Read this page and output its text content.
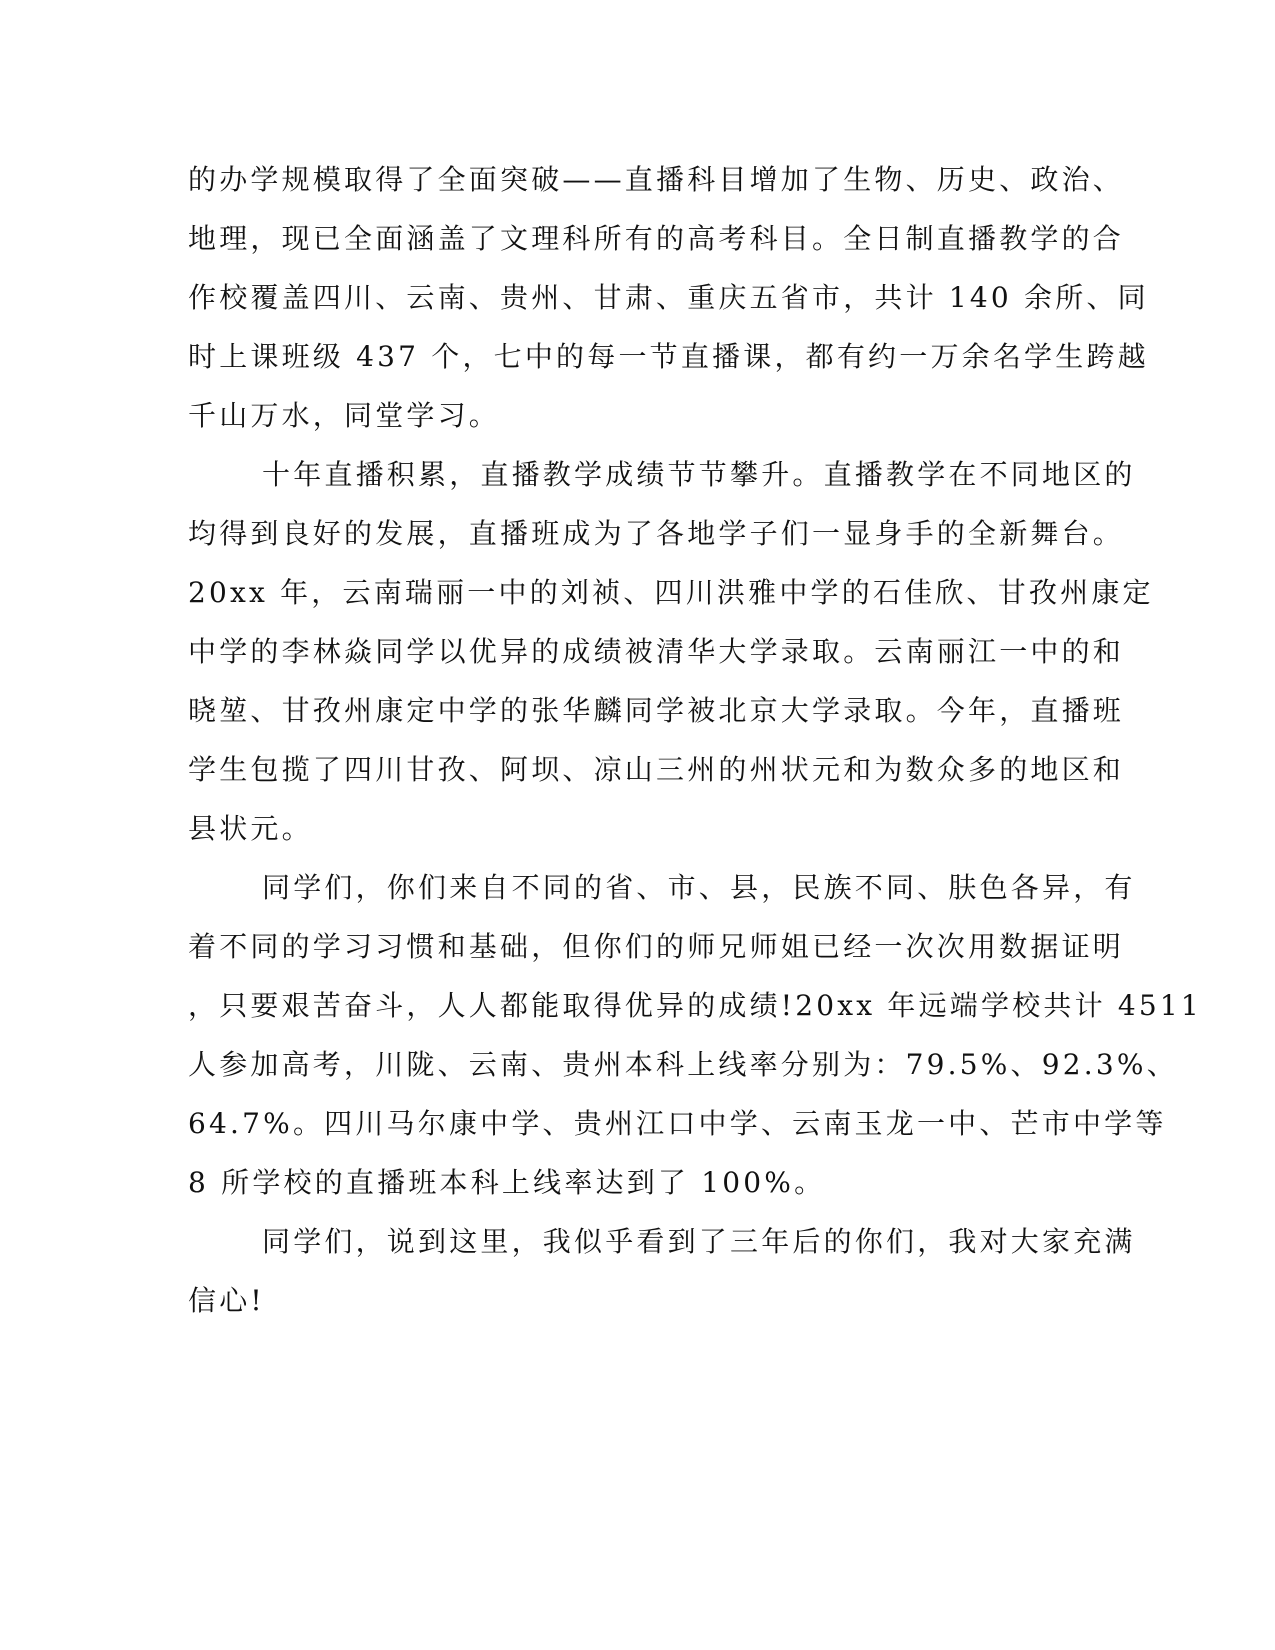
的办学规模取得了全面突破——直播科目增加了生物、历史、政治、
地理，现已全面涵盖了文理科所有的高考科目。全日制直播教学的合
作校覆盖四川、云南、贵州、甘肃、重庆五省市，共计 140 余所、同
时上课班级 437 个，七中的每一节直播课，都有约一万余名学生跨越
千山万水，同堂学习。
十年直播积累，直播教学成绩节节攀升。直播教学在不同地区的
均得到良好的发展，直播班成为了各地学子们一显身手的全新舞台。
20xx 年，云南瑞丽一中的刘祯、四川洪雅中学的石佳欣、甘孜州康定
中学的李林焱同学以优异的成绩被清华大学录取。云南丽江一中的和
晓堃、甘孜州康定中学的张华麟同学被北京大学录取。今年，直播班
学生包揽了四川甘孜、阿坝、凉山三州的州状元和为数众多的地区和
县状元。
同学们，你们来自不同的省、市、县，民族不同、肤色各异，有
着不同的学习习惯和基础，但你们的师兄师姐已经一次次用数据证明
，只要艰苦奋斗，人人都能取得优异的成绩!20xx 年远端学校共计 4511
人参加高考，川陇、云南、贵州本科上线率分别为：79.5%、92.3%、
64.7%。四川马尔康中学、贵州江口中学、云南玉龙一中、芒市中学等
8 所学校的直播班本科上线率达到了 100%。
同学们，说到这里，我似乎看到了三年后的你们，我对大家充满
信心!
